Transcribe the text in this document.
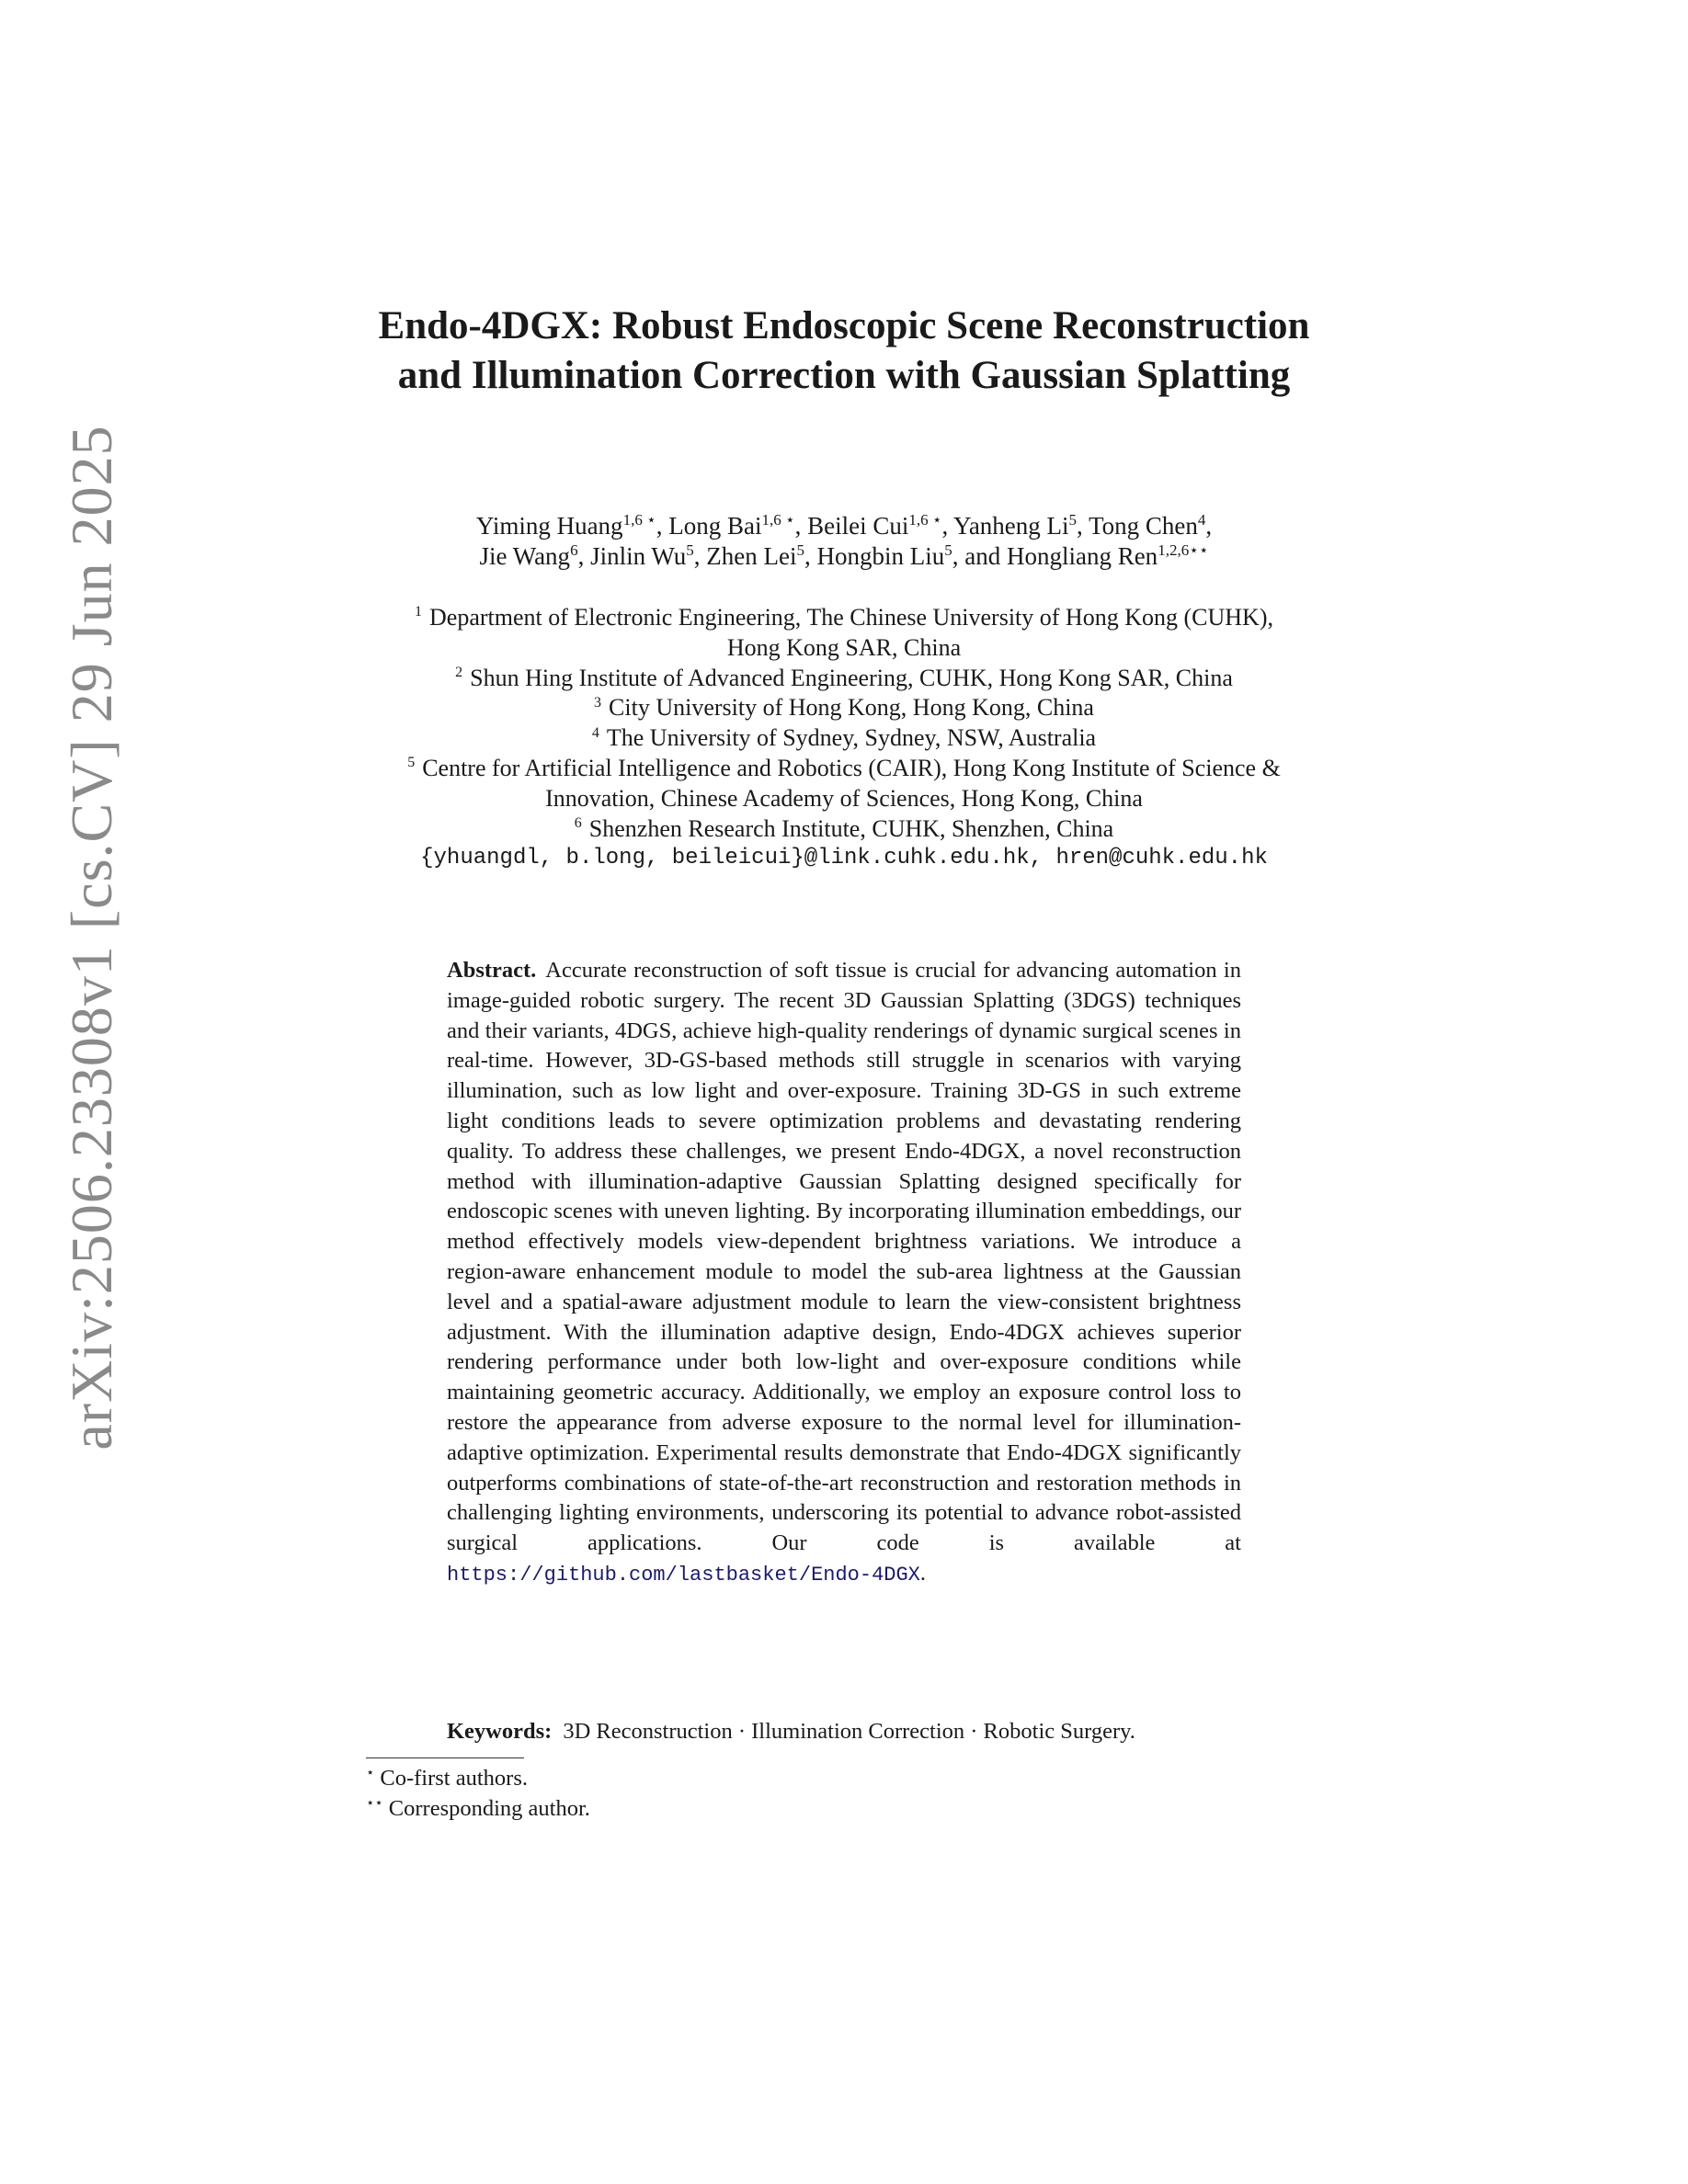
arXiv:2506.23308v1 [cs.CV] 29 Jun 2025
Endo-4DGX: Robust Endoscopic Scene Reconstruction and Illumination Correction with Gaussian Splatting
Yiming Huang$^{1,6 ⋆}$, Long Bai$^{1,6 ⋆}$, Beilei Cui$^{1,6 ⋆}$, Yanheng Li$^5$, Tong Chen$^4$,
Jie Wang$^6$, Jinlin Wu$^5$, Zhen Lei$^5$, Hongbin Liu$^5$, and Hongliang Ren$^{1,2,6⋆⋆}$
$^1$ Department of Electronic Engineering, The Chinese University of Hong Kong (CUHK), Hong Kong SAR, China
$^2$ Shun Hing Institute of Advanced Engineering, CUHK, Hong Kong SAR, China
$^3$ City University of Hong Kong, Hong Kong, China
$^4$ The University of Sydney, Sydney, NSW, Australia
$^5$ Centre for Artificial Intelligence and Robotics (CAIR), Hong Kong Institute of Science & Innovation, Chinese Academy of Sciences, Hong Kong, China
$^6$ Shenzhen Research Institute, CUHK, Shenzhen, China
{yhuangdl, b.long, beileicui}@link.cuhk.edu.hk, hren@cuhk.edu.hk
Abstract. Accurate reconstruction of soft tissue is crucial for advancing automation in image-guided robotic surgery. The recent 3D Gaussian Splatting (3DGS) techniques and their variants, 4DGS, achieve high-quality renderings of dynamic surgical scenes in real-time. However, 3D-GS-based methods still struggle in scenarios with varying illumination, such as low light and over-exposure. Training 3D-GS in such extreme light conditions leads to severe optimization problems and devastating rendering quality. To address these challenges, we present Endo-4DGX, a novel reconstruction method with illumination-adaptive Gaussian Splatting designed specifically for endoscopic scenes with uneven lighting. By incorporating illumination embeddings, our method effectively models view-dependent brightness variations. We introduce a region-aware enhancement module to model the sub-area lightness at the Gaussian level and a spatial-aware adjustment module to learn the view-consistent brightness adjustment. With the illumination adaptive design, Endo-4DGX achieves superior rendering performance under both low-light and over-exposure conditions while maintaining geometric accuracy. Additionally, we employ an exposure control loss to restore the appearance from adverse exposure to the normal level for illumination-adaptive optimization. Experimental results demonstrate that Endo-4DGX significantly outperforms combinations of state-of-the-art reconstruction and restoration methods in challenging lighting environments, underscoring its potential to advance robot-assisted surgical applications. Our code is available at https://github.com/lastbasket/Endo-4DGX.
Keywords: 3D Reconstruction · Illumination Correction · Robotic Surgery.
⋆ Co-first authors.
⋆⋆ Corresponding author.
